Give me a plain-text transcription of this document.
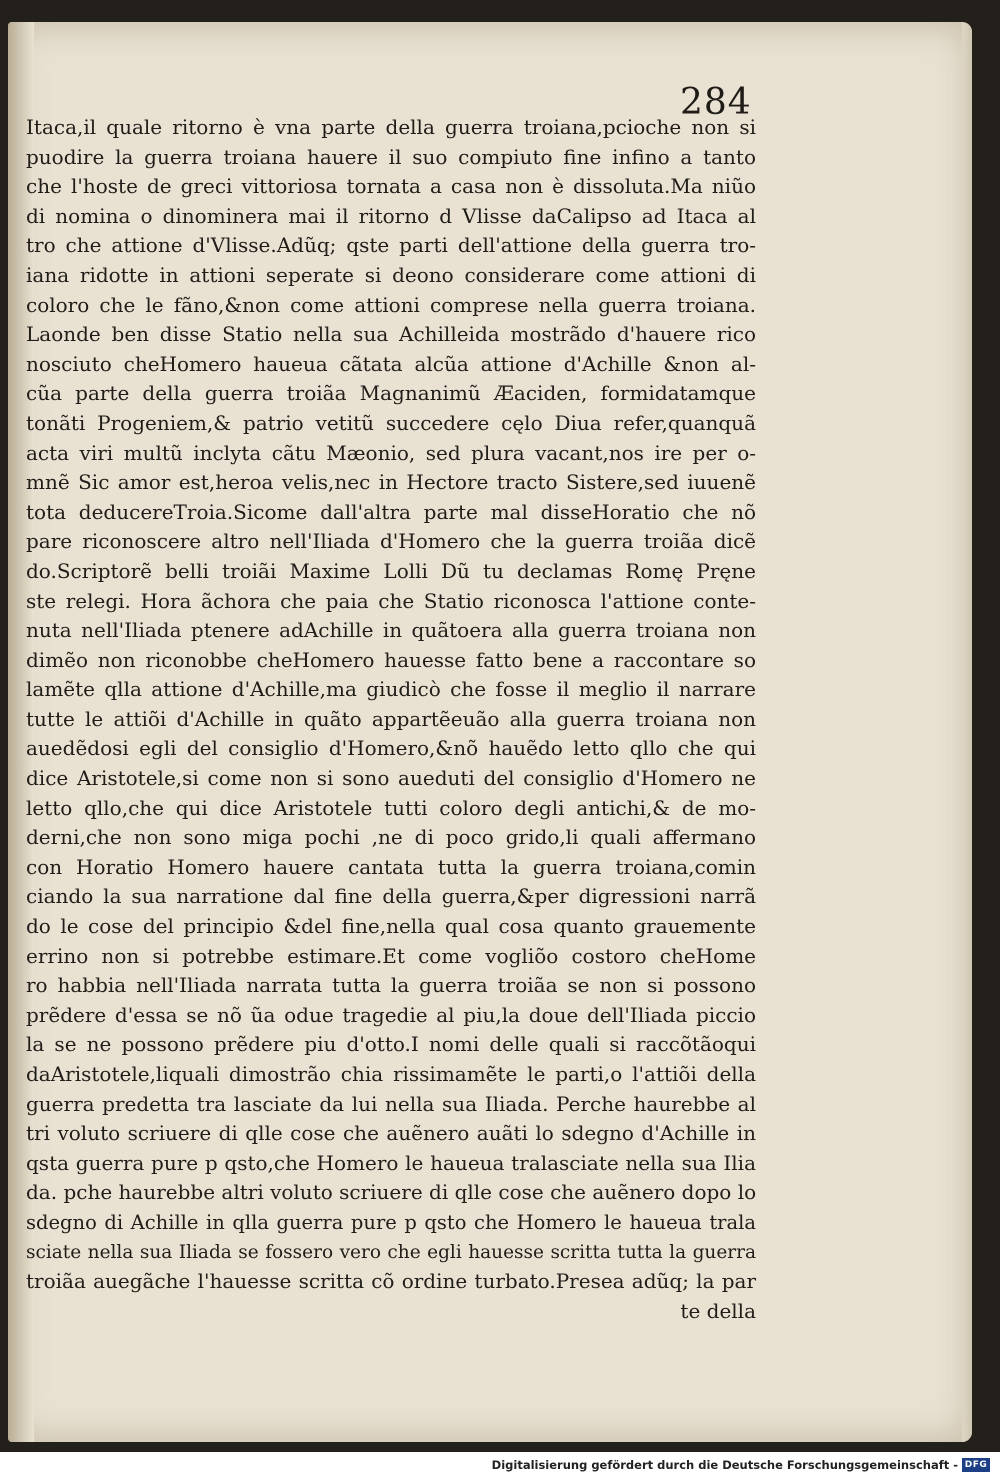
284
Itaca,il quale ritorno è vna parte della guerra troiana,pcioche non si
puodire la guerra troiana hauere il suo compiuto fine infino a tanto
che l'hoste de greci vittoriosa tornata a casa non è dissoluta.Ma niũo
di nomina o dinominera mai il ritorno d Vlisse daCalipso ad Itaca al
tro che attione d'Vlisse.Adũq; qste parti dell'attione della guerra tro-
iana ridotte in attioni seperate si deono considerare come attioni di
coloro che le fãno,&non come attioni comprese nella guerra troiana.
Laonde ben disse Statio nella sua Achilleida mostrãdo d'hauere rico
nosciuto cheHomero haueua cãtata alcũa attione d'Achille &non al-
cũa parte della guerra troiãa Magnanimũ Æaciden, formidatamque
tonãti Progeniem,& patrio vetitũ succedere cęlo Diua refer,quanquã
acta viri multũ inclyta cãtu Mæonio, sed plura vacant,nos ire per o-
mnẽ Sic amor est,heroa velis,nec in Hectore tracto Sistere,sed iuuenẽ
tota deducereTroia.Sicome dall'altra parte mal disseHoratio che nõ
pare riconoscere altro nell'Iliada d'Homero che la guerra troiãa dicẽ
do.Scriptorẽ belli troiãi Maxime Lolli Dũ tu declamas Romę Pręne
ste relegi. Hora ãchora che paia che Statio riconosca l'attione conte-
nuta nell'Iliada ptenere adAchille in quãtoera alla guerra troiana non
dimẽo non riconobbe cheHomero hauesse fatto bene a raccontare so
lamẽte qlla attione d'Achille,ma giudicò che fosse il meglio il narrare
tutte le attiõi d'Achille in quãto appartẽeuão alla guerra troiana non
auedẽdosi egli del consiglio d'Homero,&nõ hauẽdo letto qllo che qui
dice Aristotele,si come non si sono aueduti del consiglio d'Homero ne
letto qllo,che qui dice Aristotele tutti coloro degli antichi,& de mo-
derni,che non sono miga pochi ,ne di poco grido,li quali affermano
con Horatio Homero hauere cantata tutta la guerra troiana,comin
ciando la sua narratione dal fine della guerra,&per digressioni narrã
do le cose del principio &del fine,nella qual cosa quanto grauemente
errino non si potrebbe estimare.Et come vogliõo costoro cheHome
ro habbia nell'Iliada narrata tutta la guerra troiãa se non si possono
prẽdere d'essa se nõ ũa odue tragedie al piu,la doue dell'Iliada piccio
la se ne possono prẽdere piu d'otto.I nomi delle quali si raccõtãoqui
daAristotele,liquali dimostrão chia rissimamẽte le parti,o l'attiõi della
guerra predetta tra lasciate da lui nella sua Iliada. Perche haurebbe al
tri voluto scriuere di qlle cose che auẽnero auãti lo sdegno d'Achille in
qsta guerra pure p qsto,che Homero le haueua tralasciate nella sua Ilia
da. pche haurebbe altri voluto scriuere di qlle cose che auẽnero dopo lo
sdegno di Achille in qlla guerra pure p qsto che Homero le haueua trala
sciate nella sua Iliada se fossero vero che egli hauesse scritta tutta la guerra
troiãa auegãche l'hauesse scritta cõ ordine turbato.Presea adũq; la par
te della
Digitalisierung gefördert durch die Deutsche Forschungsgemeinschaft - DFG
